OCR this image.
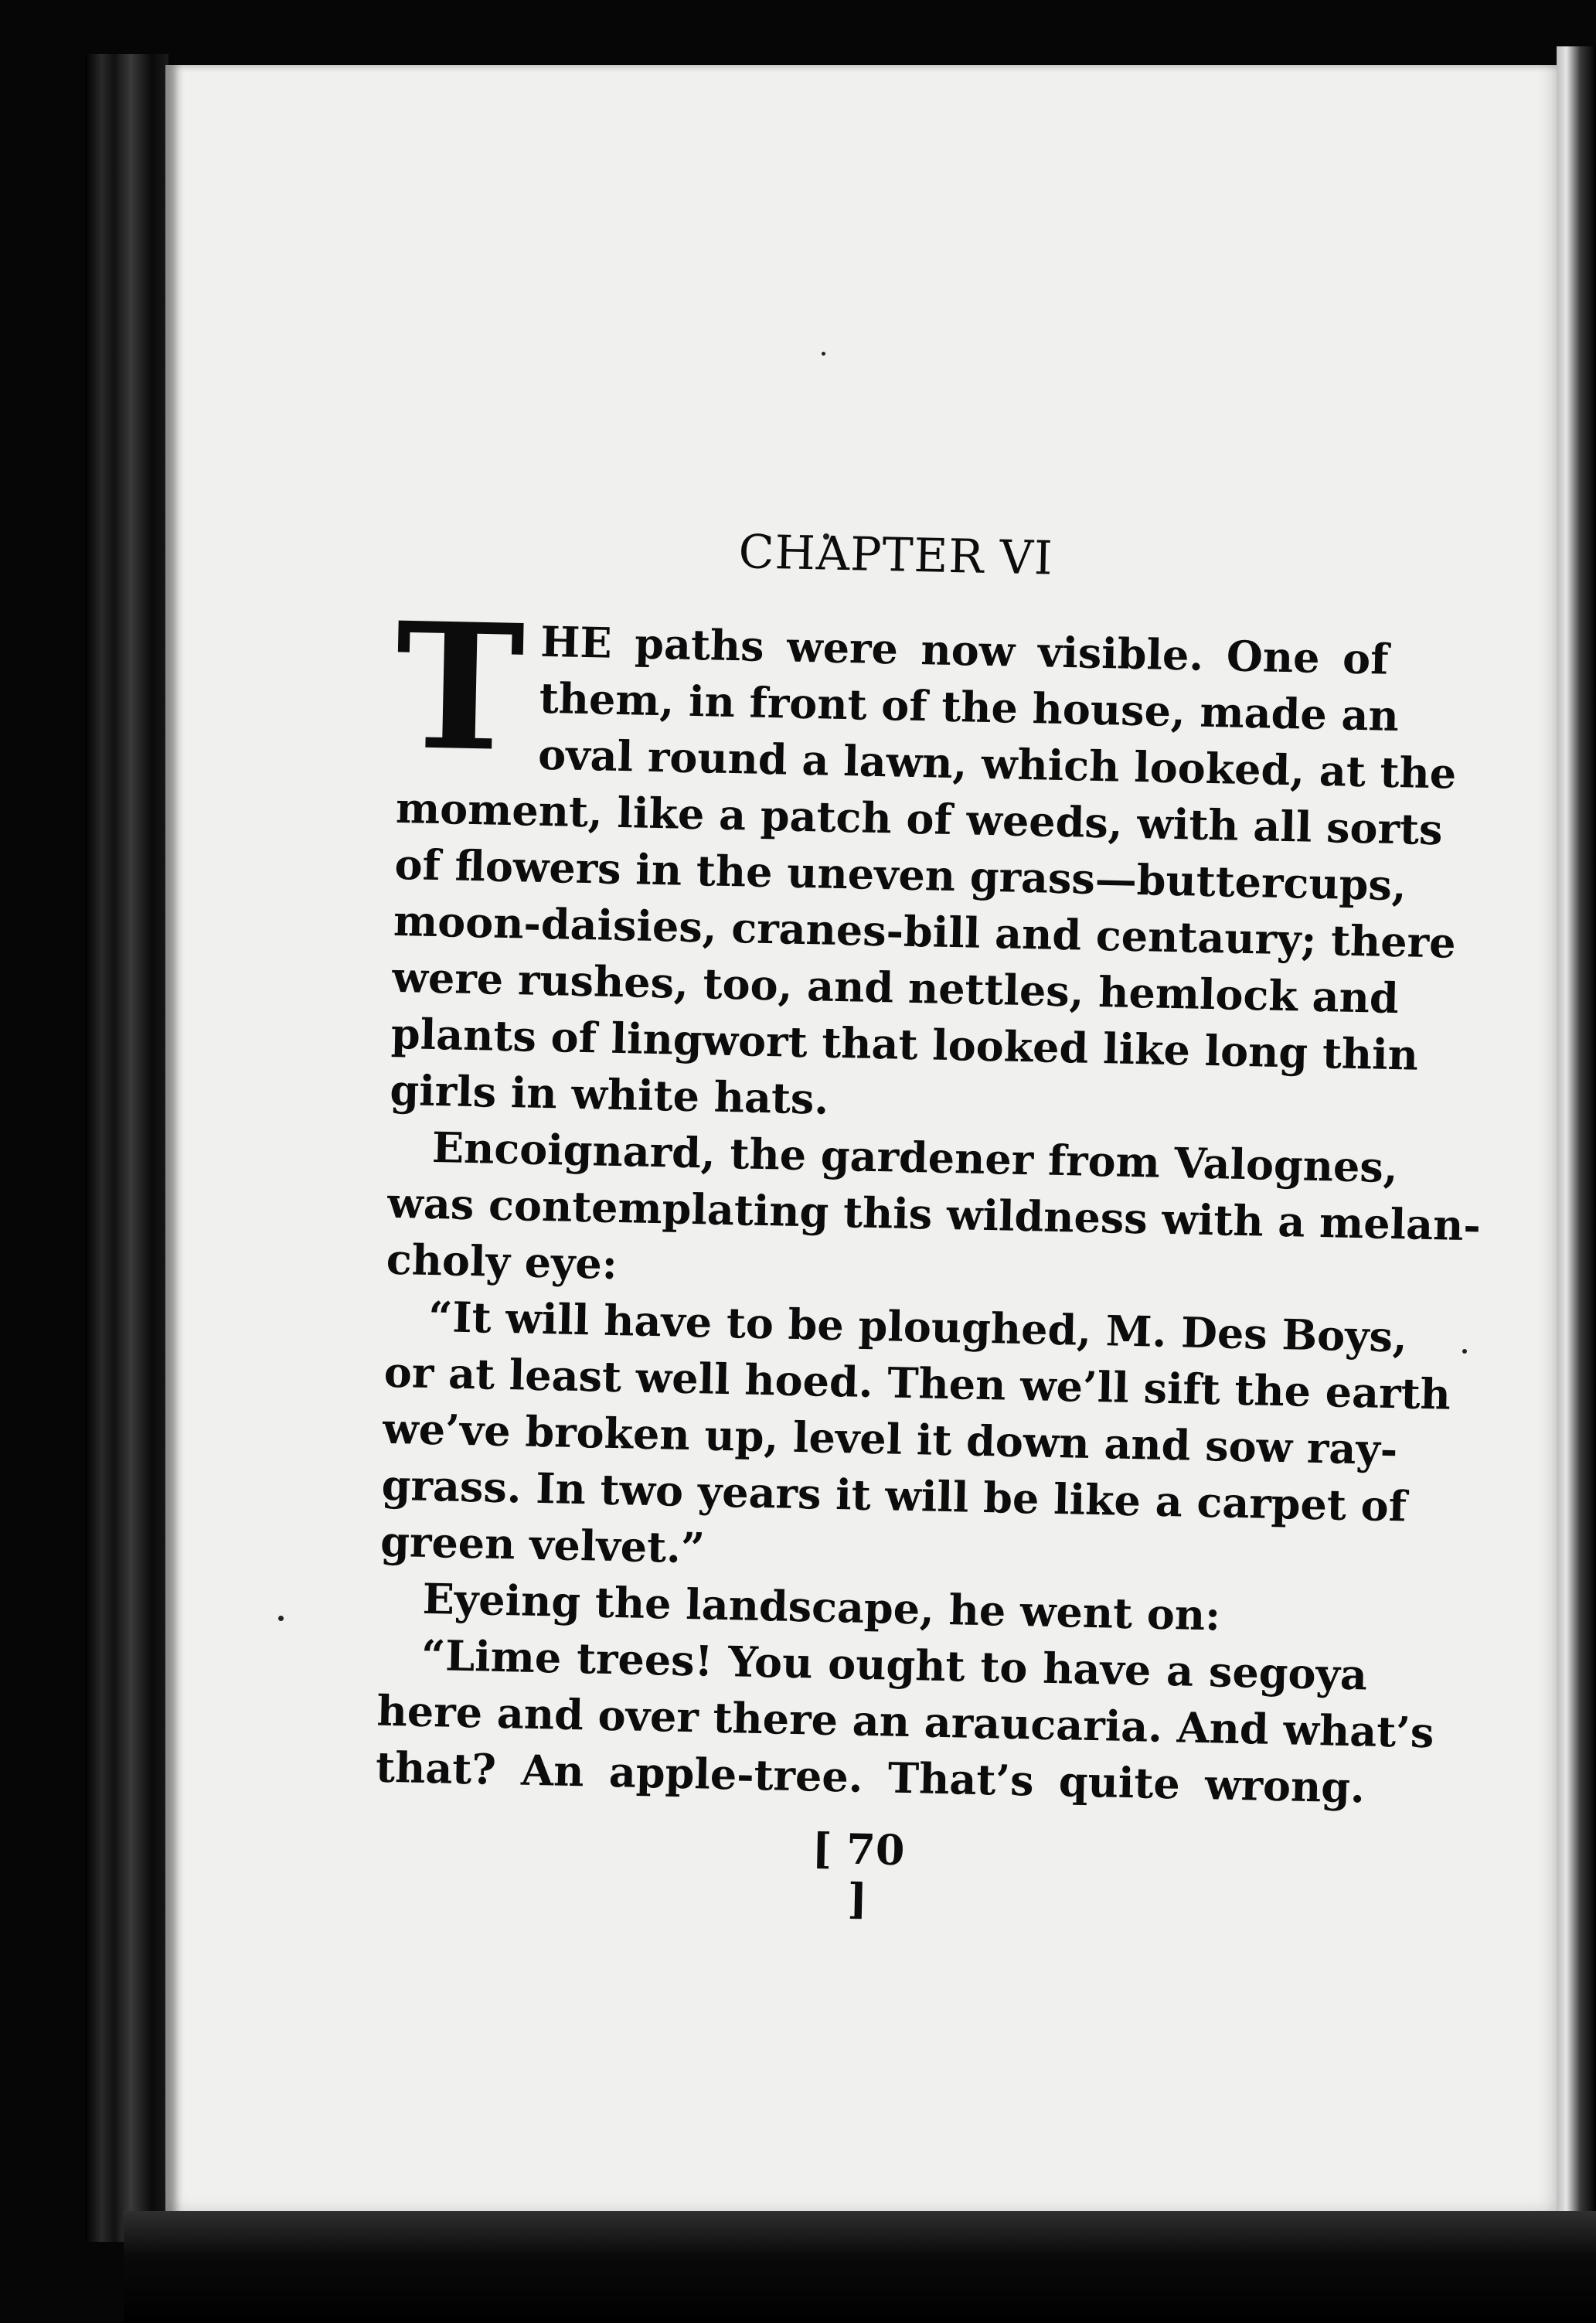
CHAPTER VI
T HE paths were now visible. One of
them, in front of the house, made an
oval round a lawn, which looked, at the
moment, like a patch of weeds, with all sorts
of flowers in the uneven grass—buttercups,
moon-daisies, cranes-bill and centaury; there
were rushes, too, and nettles, hemlock and
plants of lingwort that looked like long thin
girls in white hats.
Encoignard, the gardener from Valognes,
was contemplating this wildness with a melan-
choly eye:
“It will have to be ploughed, M. Des Boys,
or at least well hoed. Then we’ll sift the earth
we’ve broken up, level it down and sow ray-
grass. In two years it will be like a carpet of
green velvet.”
Eyeing the landscape, he went on:
“Lime trees! You ought to have a segoya
here and over there an araucaria. And what’s
that? An apple-tree. That’s quite wrong.
[ 70 ]
